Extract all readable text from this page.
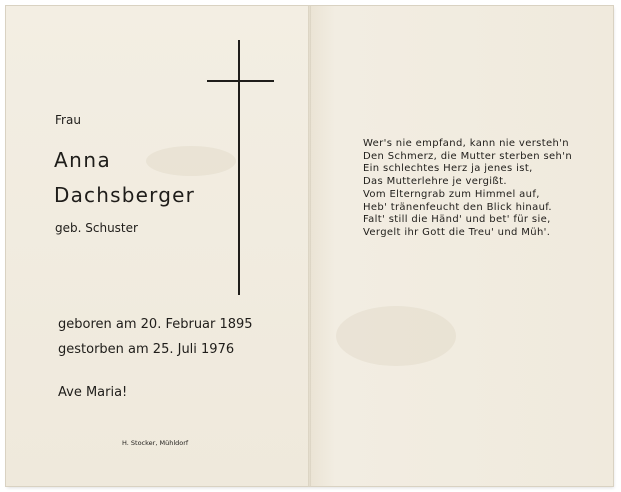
Frau

Anna

Dachsberger

geb. Schuster

geboren am 20. Februar 1895

gestorben am 25. Juli 1976

Ave Maria!

H. Stocker, Mühldorf

Wer's nie empfand, kann nie versteh'n
Den Schmerz, die Mutter sterben seh'n
Ein schlechtes Herz ja jenes ist,
Das Mutterlehre je vergißt.
Vom Elterngrab zum Himmel auf,
Heb' tränenfeucht den Blick hinauf.
Falt' still die Händ' und bet' für sie,
Vergelt ihr Gott die Treu' und Müh'.
